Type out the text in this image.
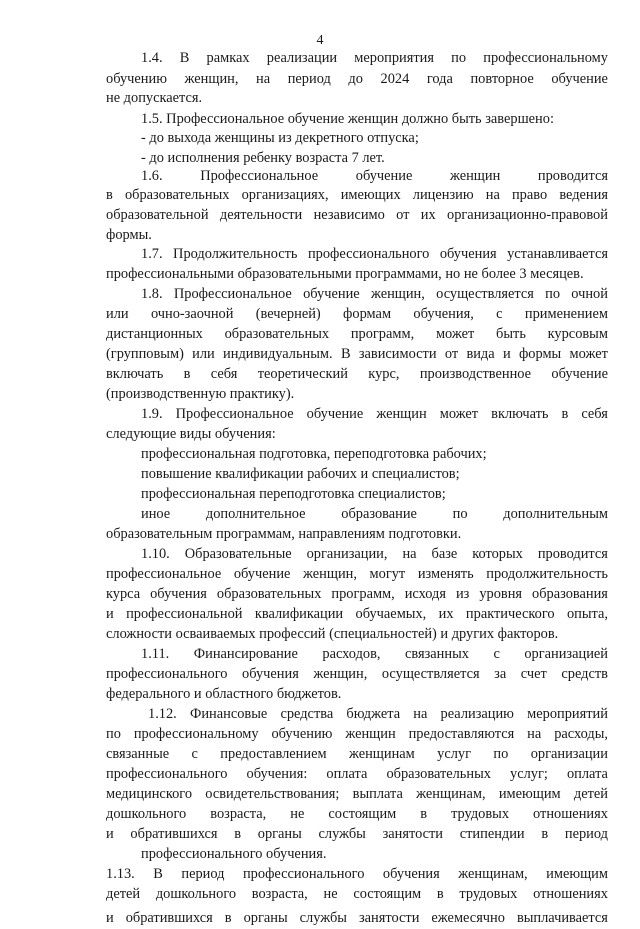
4
1.4. В рамках реализации мероприятия по профессиональному
обучению женщин, на период до 2024 года повторное обучение
не допускается.
1.5. Профессиональное обучение женщин должно быть завершено:
- до выхода женщины из декретного отпуска;
- до исполнения ребенку возраста 7 лет.
1.6.	Профессиональное	обучение	женщин	проводится
в образовательных организациях, имеющих лицензию на право ведения
образовательной деятельности независимо от их организационно-правовой
формы.
1.7. Продолжительность профессионального обучения устанавливается
профессиональными образовательными программами, но не более 3 месяцев.
1.8. Профессиональное обучение женщин, осуществляется по очной
или очно-заочной (вечерней) формам обучения, с применением
дистанционных образовательных программ, может быть курсовым
(групповым) или индивидуальным. В зависимости от вида и формы может
включать в себя теоретический курс, производственное обучение
(производственную практику).
1.9. Профессиональное обучение женщин может включать в себя
следующие виды обучения:
профессиональная подготовка, переподготовка рабочих;
повышение квалификации рабочих и специалистов;
профессиональная переподготовка специалистов;
иное дополнительное образование по дополнительным
образовательным программам, направлениям подготовки.
1.10. Образовательные организации, на базе которых проводится
профессиональное обучение женщин, могут изменять продолжительность
курса обучения образовательных программ, исходя из уровня образования
и профессиональной квалификации обучаемых, их практического опыта,
сложности осваиваемых профессий (специальностей) и других факторов.
1.11. Финансирование расходов, связанных с организацией
профессионального обучения женщин, осуществляется за счет средств
федерального и областного бюджетов.
1.12. Финансовые средства бюджета на реализацию мероприятий
по профессиональному обучению женщин предоставляются на расходы,
связанные с предоставлением женщинам услуг по организации
профессионального обучения: оплата образовательных услуг; оплата
медицинского освидетельствования; выплата женщинам, имеющим детей
дошкольного возраста, не состоящим в трудовых отношениях
и обратившихся в органы службы занятости стипендии в период
профессионального обучения.
1.13. В период профессионального обучения женщинам, имеющим
детей дошкольного возраста, не состоящим в трудовых отношениях
и обратившихся в органы службы занятости ежемесячно выплачивается
